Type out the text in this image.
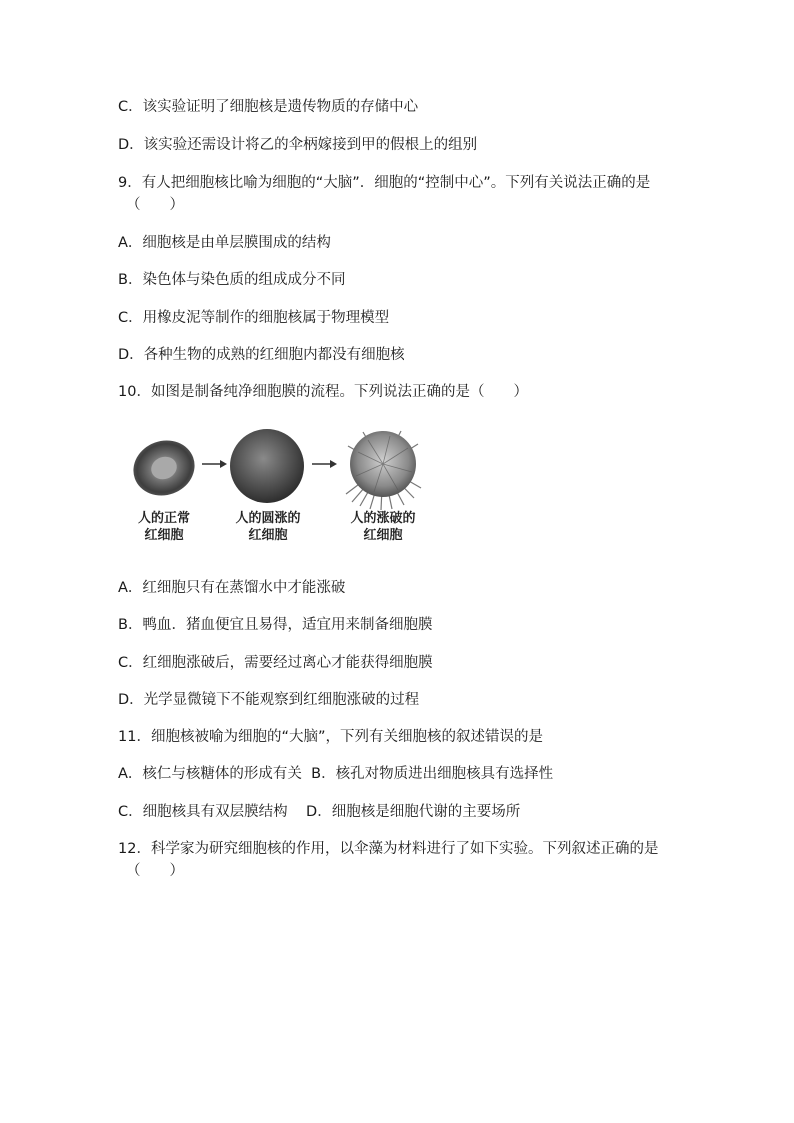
C．该实验证明了细胞核是遗传物质的存储中心
D．该实验还需设计将乙的伞柄嫁接到甲的假根上的组别
9．有人把细胞核比喻为细胞的“大脑”．细胞的“控制中心”。下列有关说法正确的是
（　　）
A．细胞核是由单层膜围成的结构
B．染色体与染色质的组成成分不同
C．用橡皮泥等制作的细胞核属于物理模型
D．各种生物的成熟的红细胞内都没有细胞核
10．如图是制备纯净细胞膜的流程。下列说法正确的是（　　）
人的正常
红细胞
人的圆涨的
红细胞
人的涨破的
红细胞
A．红细胞只有在蒸馏水中才能涨破
B．鸭血．猪血便宜且易得，适宜用来制备细胞膜
C．红细胞涨破后，需要经过离心才能获得细胞膜
D．光学显微镜下不能观察到红细胞涨破的过程
11．细胞核被喻为细胞的“大脑”，下列有关细胞核的叙述错误的是
A．核仁与核糖体的形成有关  B．核孔对物质进出细胞核具有选择性
C．细胞核具有双层膜结构    D．细胞核是细胞代谢的主要场所
12．科学家为研究细胞核的作用，以伞藻为材料进行了如下实验。下列叙述正确的是
（　　）
